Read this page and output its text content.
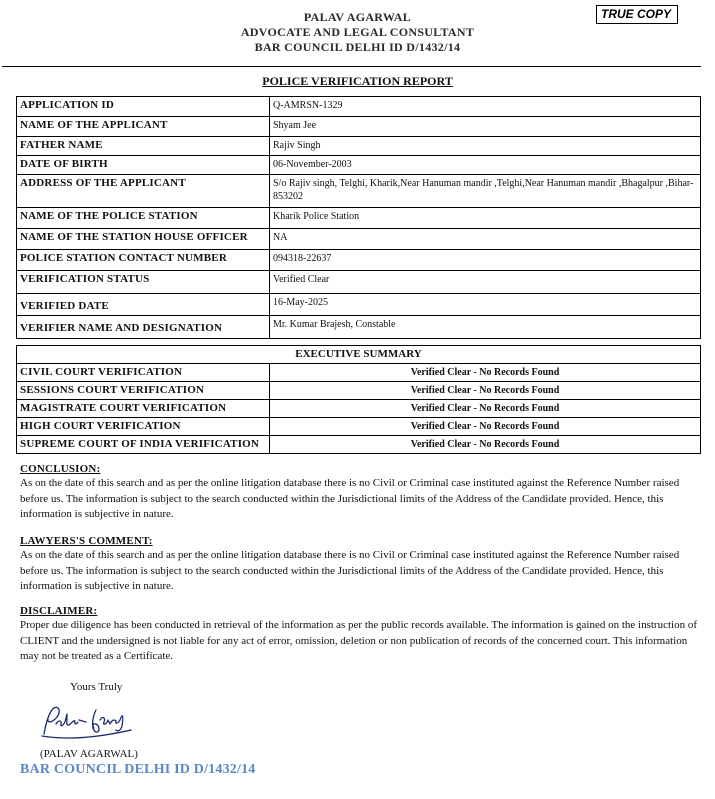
PALAV AGARWAL
ADVOCATE AND LEGAL CONSULTANT
BAR COUNCIL DELHI ID D/1432/14
TRUE COPY
POLICE VERIFICATION REPORT
APPLICATION ID	Q-AMRSN-1329
NAME OF THE APPLICANT	Shyam Jee
FATHER NAME	Rajiv Singh
DATE OF BIRTH	06-November-2003
ADDRESS OF THE APPLICANT	S/o Rajiv singh, Telghi, Kharik,Near Hanuman mandir ,Telghi,Near Hanuman mandir ,Bhagalpur ,Bihar-853202
NAME OF THE POLICE STATION	Kharik Police Station
NAME OF THE STATION HOUSE OFFICER	NA
POLICE STATION CONTACT NUMBER	094318-22637
VERIFICATION STATUS	Verified Clear
VERIFIED DATE	16-May-2025
VERIFIER NAME AND DESIGNATION	Mr. Kumar Brajesh, Constable
EXECUTIVE SUMMARY	
CIVIL COURT VERIFICATION	Verified Clear - No Records Found
SESSIONS COURT VERIFICATION	Verified Clear - No Records Found
MAGISTRATE COURT VERIFICATION	Verified Clear - No Records Found
HIGH COURT VERIFICATION	Verified Clear - No Records Found
SUPREME COURT OF INDIA VERIFICATION	Verified Clear - No Records Found
CONCLUSION:

As on the date of this search and as per the online litigation database there is no Civil or Criminal case instituted against the Reference Number raised before us. The information is subject to the search conducted within the Jurisdictional limits of the Address of the Candidate provided. Hence, this information is subjective in nature.

LAWYERS'S COMMENT:

As on the date of this search and as per the online litigation database there is no Civil or Criminal case instituted against the Reference Number raised before us. The information is subject to the search conducted within the Jurisdictional limits of the Address of the Candidate provided. Hence, this information is subjective in nature.

DISCLAIMER:

Proper due diligence has been conducted in retrieval of the information as per the public records available. The information is gained on the instruction of CLIENT and the undersigned is not liable for any act of error, omission, deletion or non publication of records of the concerned court. This information may not be treated as a Certificate.

Yours Truly
(PALAV AGARWAL)
BAR COUNCIL DELHI ID D/1432/14
